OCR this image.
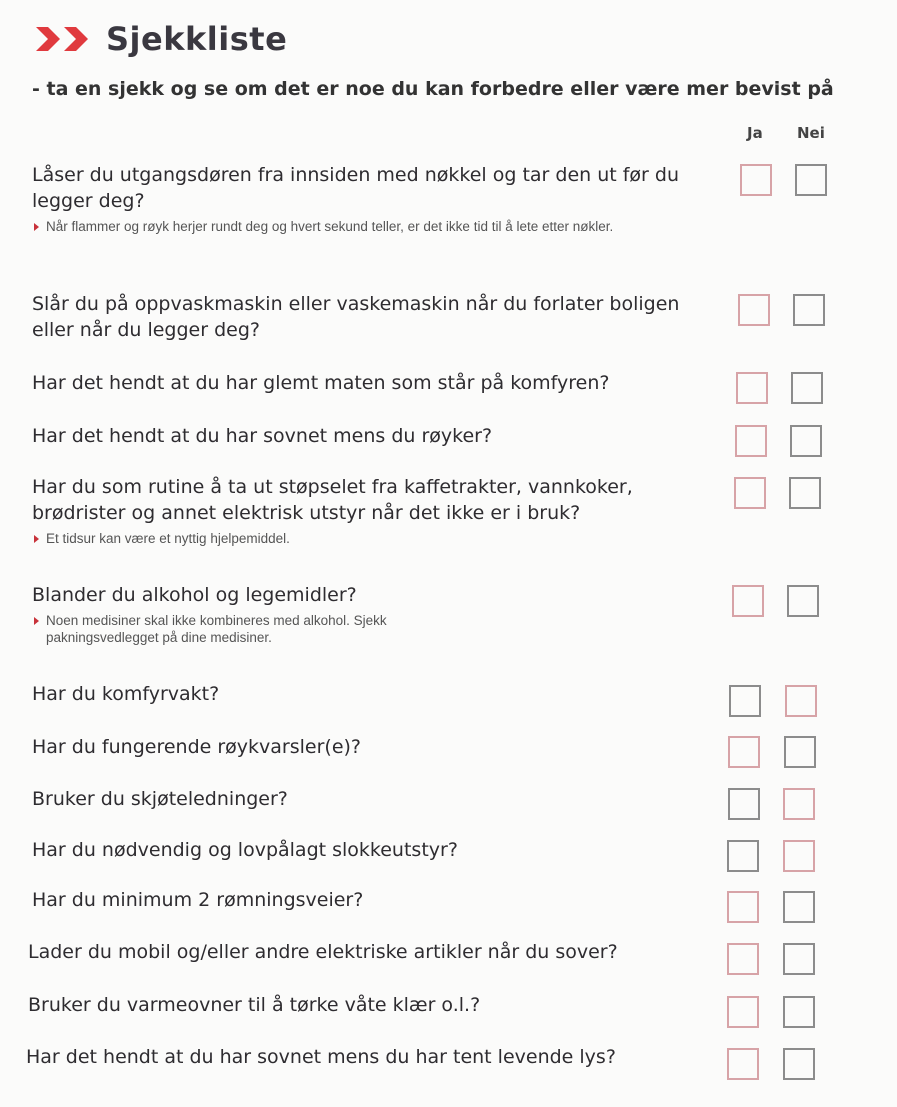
Sjekkliste
- ta en sjekk og se om det er noe du kan forbedre eller være mer bevist på
Ja Nei
Låser du utgangsdøren fra innsiden med nøkkel og tar den ut før du legger deg?
Når flammer og røyk herjer rundt deg og hvert sekund teller, er det ikke tid til å lete etter nøkler.
Slår du på oppvaskmaskin eller vaskemaskin når du forlater boligen eller når du legger deg?
Har det hendt at du har glemt maten som står på komfyren?
Har det hendt at du har sovnet mens du røyker?
Har du som rutine å ta ut støpselet fra kaffetrakter, vannkoker, brødrister og annet elektrisk utstyr når det ikke er i bruk?
Et tidsur kan være et nyttig hjelpemiddel.
Blander du alkohol og legemidler?
Noen medisiner skal ikke kombineres med alkohol. Sjekk pakningsvedlegget på dine medisiner.
Har du komfyrvakt?
Har du fungerende røykvarsler(e)?
Bruker du skjøteledninger?
Har du nødvendig og lovpålagt slokkeutstyr?
Har du minimum 2 rømningsveier?
Lader du mobil og/eller andre elektriske artikler når du sover?
Bruker du varmeovner til å tørke våte klær o.l.?
Har det hendt at du har sovnet mens du har tent levende lys?
